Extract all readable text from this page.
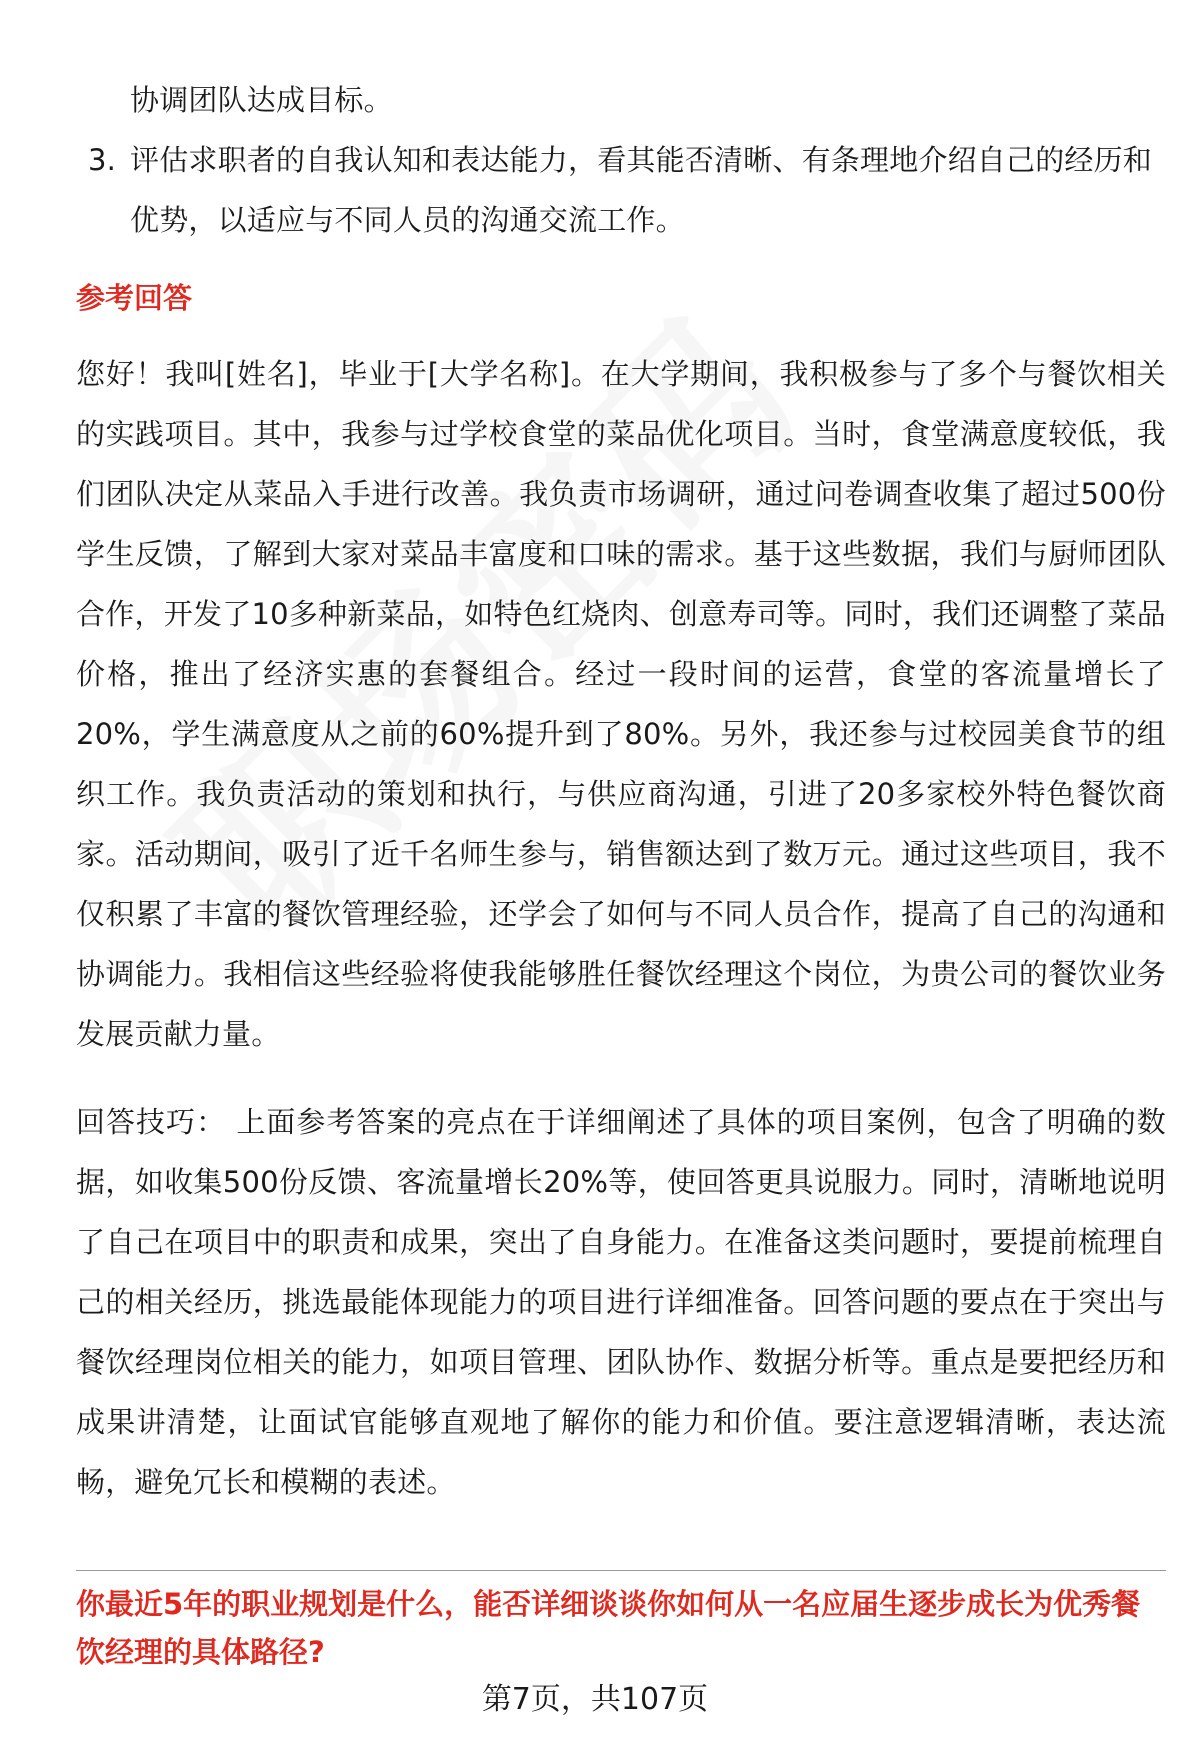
协调团队达成目标。
3. 评估求职者的自我认知和表达能力，看其能否清晰、有条理地介绍自己的经历和优势，以适应与不同人员的沟通交流工作。
参考回答
您好！我叫[姓名]，毕业于[大学名称]。在大学期间，我积极参与了多个与餐饮相关的实践项目。其中，我参与过学校食堂的菜品优化项目。当时，食堂满意度较低，我们团队决定从菜品入手进行改善。我负责市场调研，通过问卷调查收集了超过500份学生反馈，了解到大家对菜品丰富度和口味的需求。基于这些数据，我们与厨师团队合作，开发了10多种新菜品，如特色红烧肉、创意寿司等。同时，我们还调整了菜品价格，推出了经济实惠的套餐组合。经过一段时间的运营，食堂的客流量增长了20%，学生满意度从之前的60%提升到了80%。另外，我还参与过校园美食节的组织工作。我负责活动的策划和执行，与供应商沟通，引进了20多家校外特色餐饮商家。活动期间，吸引了近千名师生参与，销售额达到了数万元。通过这些项目，我不仅积累了丰富的餐饮管理经验，还学会了如何与不同人员合作，提高了自己的沟通和协调能力。我相信这些经验将使我能够胜任餐饮经理这个岗位，为贵公司的餐饮业务发展贡献力量。
回答技巧： 上面参考答案的亮点在于详细阐述了具体的项目案例，包含了明确的数据，如收集500份反馈、客流量增长20%等，使回答更具说服力。同时，清晰地说明了自己在项目中的职责和成果，突出了自身能力。在准备这类问题时，要提前梳理自己的相关经历，挑选最能体现能力的项目进行详细准备。回答问题的要点在于突出与餐饮经理岗位相关的能力，如项目管理、团队协作、数据分析等。重点是要把经历和成果讲清楚，让面试官能够直观地了解你的能力和价值。要注意逻辑清晰，表达流畅，避免冗长和模糊的表述。
你最近5年的职业规划是什么，能否详细谈谈你如何从一名应届生逐步成长为优秀餐饮经理的具体路径?
第7页，共107页
